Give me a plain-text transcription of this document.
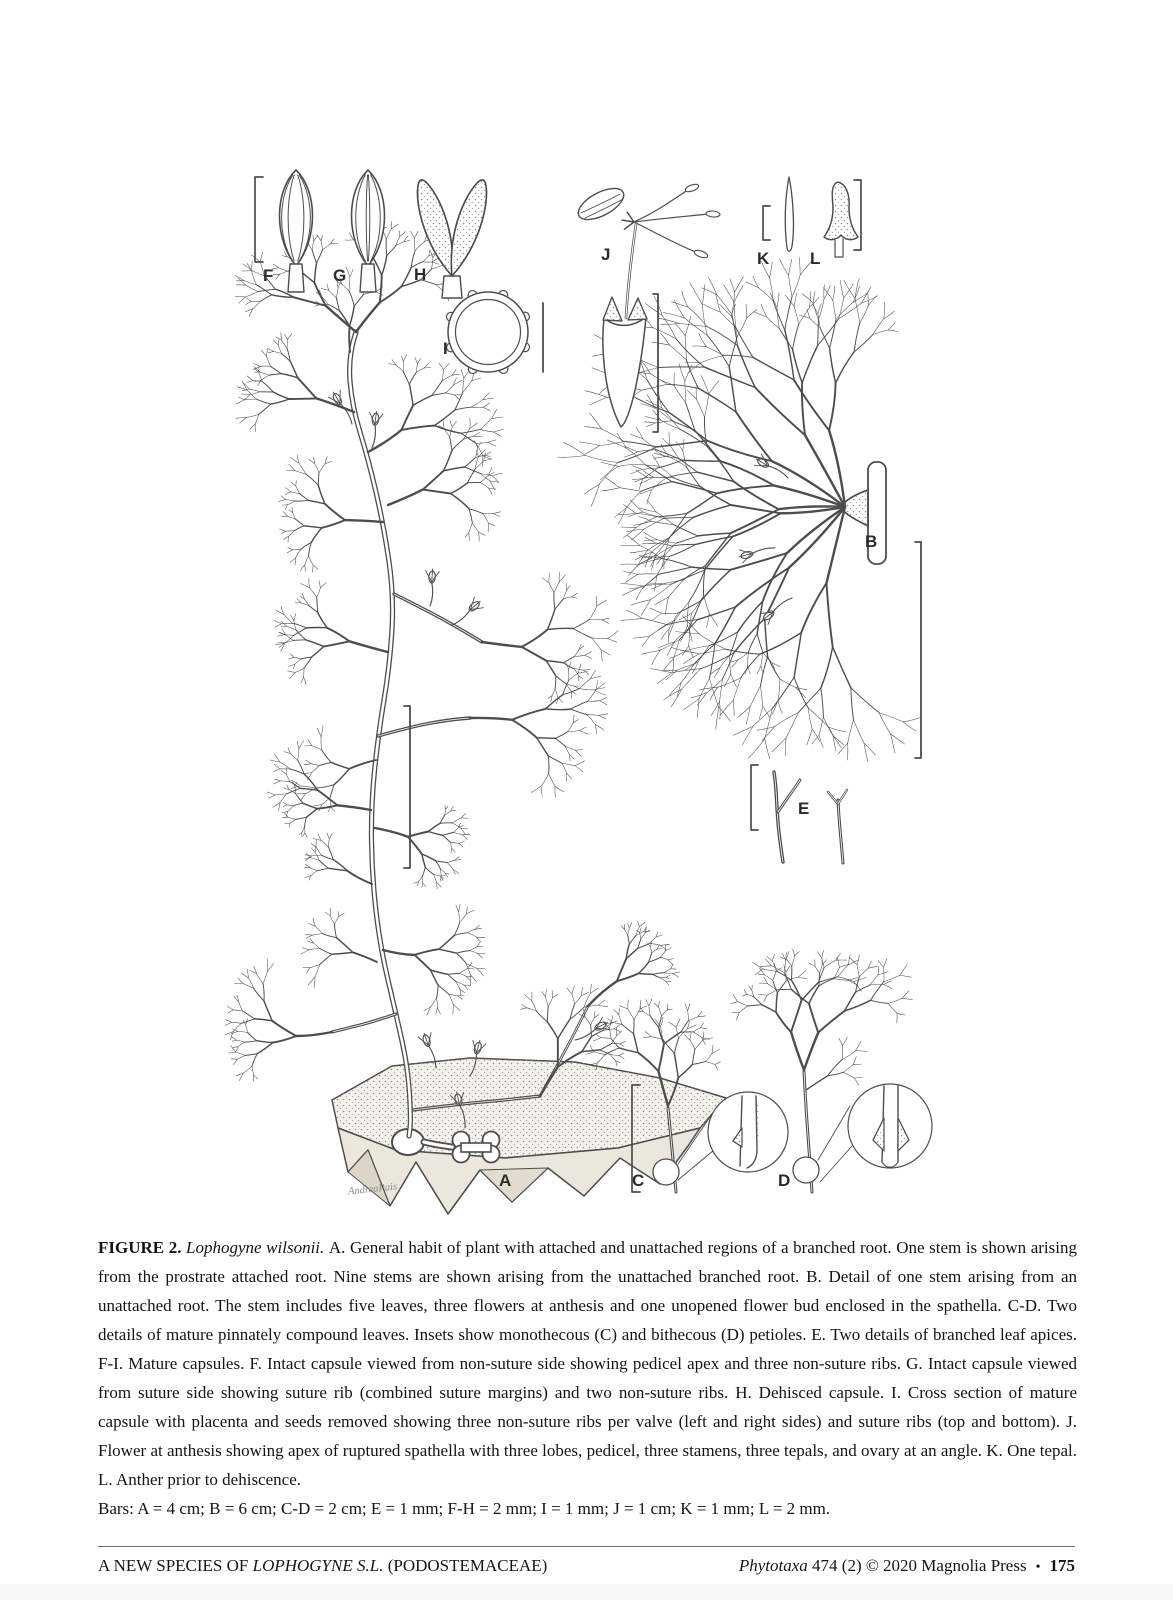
F	G	H
I
J	K L
B
E
A	C	D
AndreaPais

FIGURE 2. Lophogyne wilsonii. A. General habit of plant with attached and unattached regions of a branched root. One stem is shown arising from the prostrate attached root. Nine stems are shown arising from the unattached branched root. B. Detail of one stem arising from an unattached root. The stem includes five leaves, three flowers at anthesis and one unopened flower bud enclosed in the spathella. C-D. Two details of mature pinnately compound leaves. Insets show monothecous (C) and bithecous (D) petioles. E. Two details of branched leaf apices. F-I. Mature capsules. F. Intact capsule viewed from non-suture side showing pedicel apex and three non-suture ribs. G. Intact capsule viewed from suture side showing suture rib (combined suture margins) and two non-suture ribs. H. Dehisced capsule. I. Cross section of mature capsule with placenta and seeds removed showing three non-suture ribs per valve (left and right sides) and suture ribs (top and bottom). J. Flower at anthesis showing apex of ruptured spathella with three lobes, pedicel, three stamens, three tepals, and ovary at an angle. K. One tepal. L. Anther prior to dehiscence.

Bars: A = 4 cm; B = 6 cm; C-D = 2 cm; E = 1 mm; F-H = 2 mm; I = 1 mm; J = 1 cm; K = 1 mm; L = 2 mm.

A NEW SPECIES OF LOPHOGYNE S.L. (PODOSTEMACEAE)	Phytotaxa 474 (2) © 2020 Magnolia Press • 175
